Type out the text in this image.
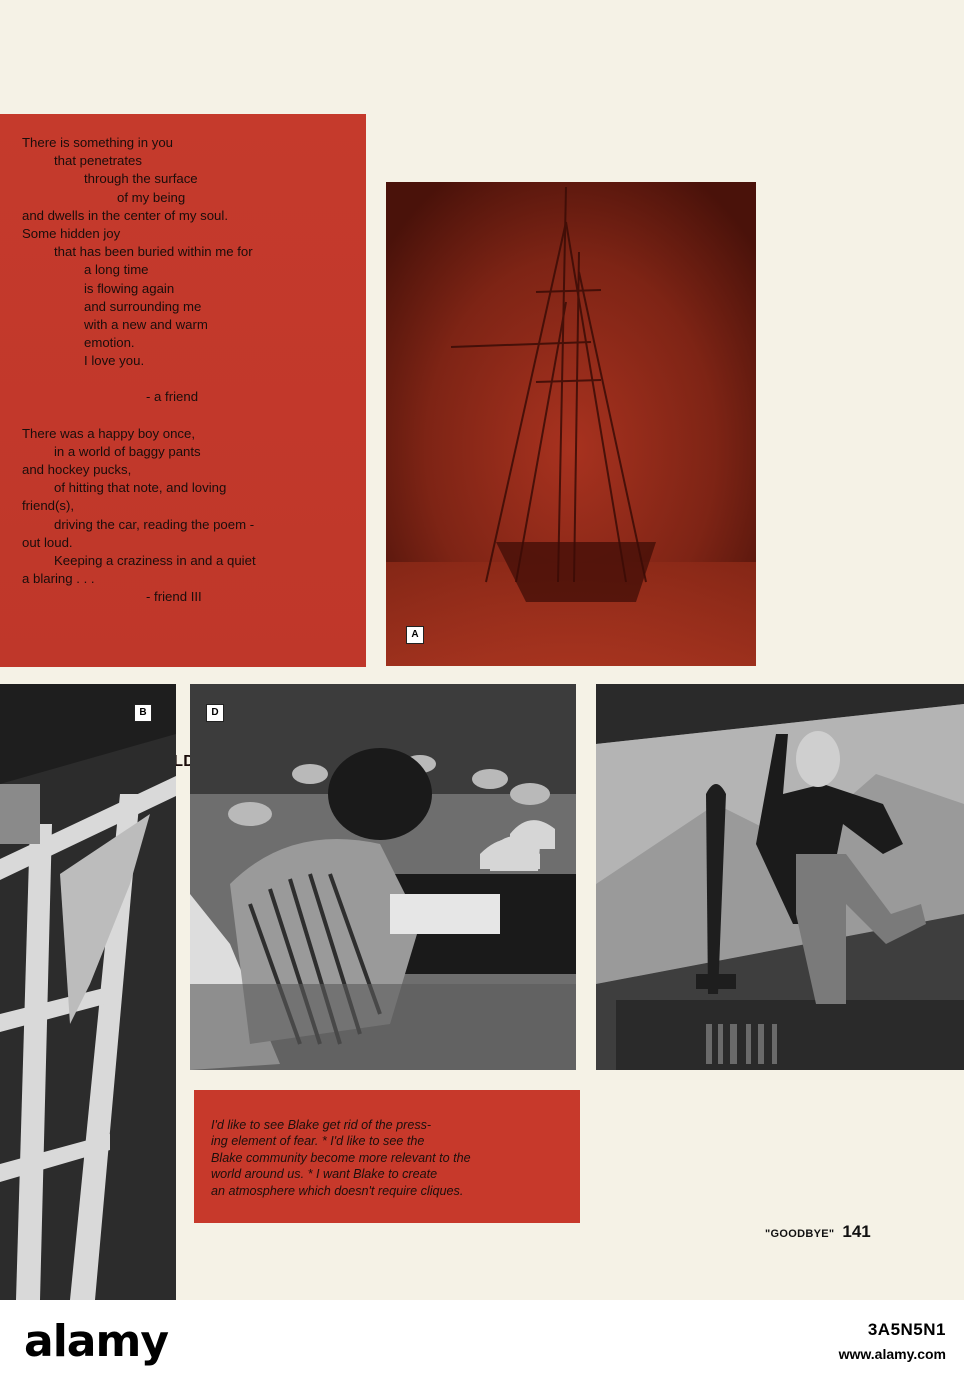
There is something in you
that penetrates
through the surface
of my being
and dwells in the center of my soul.
Some hidden joy
that has been buried within me for
a long time
is flowing again
and surrounding me
with a new and warm
emotion.
I love you.
- a friend
There was a happy boy once,
in a world of baggy pants
and hockey pucks,
of hitting that note, and loving
friend(s),
driving the car, reading the poem -
out loud.
Keeping a craziness in and a quiet
a blaring . . .
- friend III
DONALDSON
A
B	D
I'd like to see Blake get rid of the press-
ing element of fear. * I'd like to see the
Blake community become more relevant to the
world around us. * I want Blake to create
an atmosphere which doesn't require cliques.
"GOODBYE" 141
alamy	3A5N5N1
www.alamy.com
